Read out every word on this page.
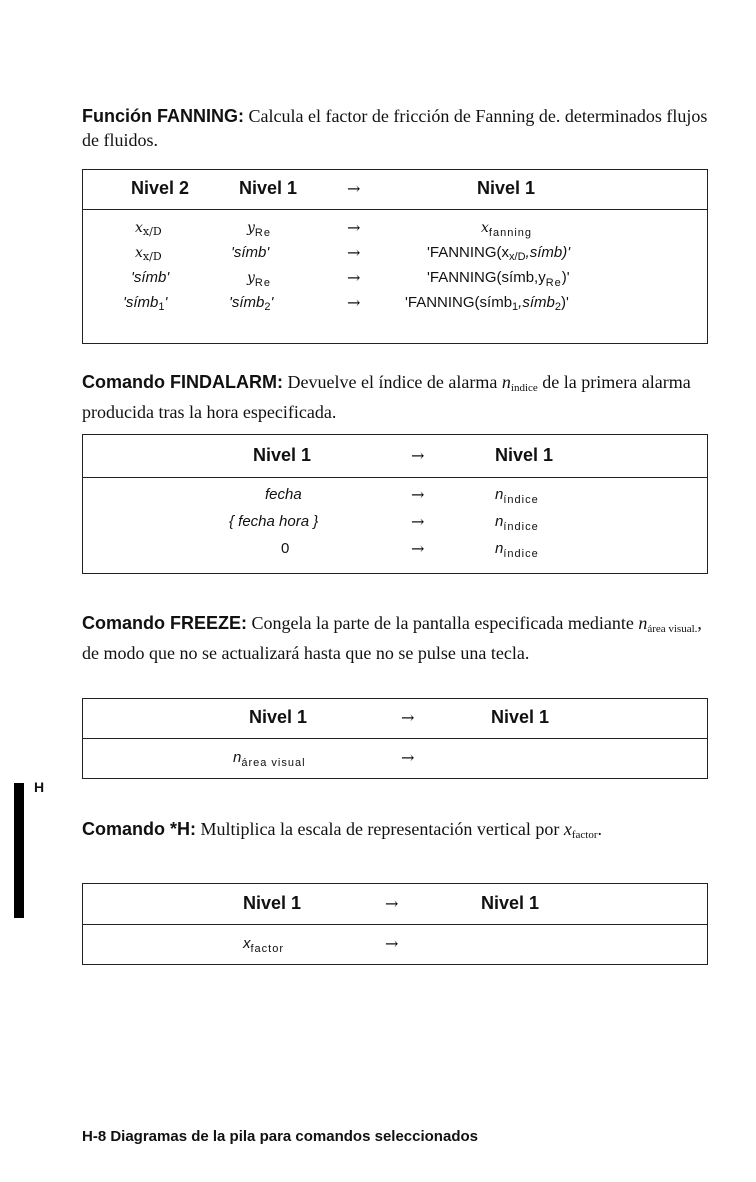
Función FANNING: Calcula el factor de fricción de Fanning de. determinados flujos de fluidos.
Nivel 2	Nivel 1	→	Nivel 1
$x_{x/D}$	$y_{Re}$	→	$x_{fanning}$
$x_{x/D}$	'símb'	→	'$FANNING(x_{x/D},símb)$'
'símb'	$y_{Re}$	→	'$FANNING(símb,y_{Re})$'
'símb$_1$'	'símb$_2$'	→	'FANNING(símb$_1$,símb$_2$)'
Comando FINDALARM: Devuelve el índice de alarma $n_{índice}$ de la primera alarma producida tras la hora especificada.
Nivel 1	→	Nivel 1
fecha	→	$n_{índice}$
{ fecha hora }	→	$n_{índice}$
0	→	$n_{índice}$
Comando FREEZE: Congela la parte de la pantalla especificada mediante $n_{área visual.}$, de modo que no se actualizará hasta que no se pulse una tecla.
Nivel 1	→	Nivel 1
$n_{área visual}$	→
H
Comando *H: Multiplica la escala de representación vertical por $x_{factor}$.
Nivel 1	→	Nivel 1
$x_{factor}$	→
H-8 Diagramas de la pila para comandos seleccionados
